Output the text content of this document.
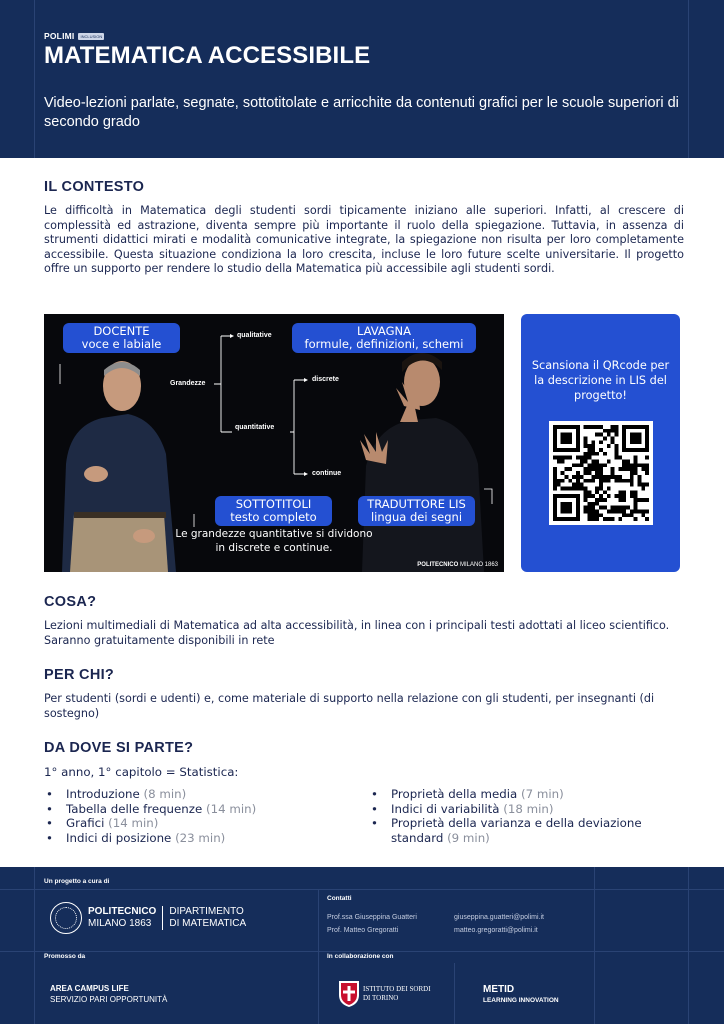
POLIMI	INCLUSION
MATEMATICA ACCESSIBILE
Video-lezioni parlate, segnate, sottotitolate e arricchite da contenuti grafici per le scuole superiori di secondo grado
IL CONTESTO
Le difficoltà in Matematica degli studenti sordi tipicamente iniziano alle superiori. Infatti, al crescere di complessità ed astrazione, diventa sempre più importante il ruolo della spiegazione. Tuttavia, in assenza di strumenti didattici mirati e modalità comunicative integrate, la spiegazione non risulta per loro completamente accessibile. Questa situazione condiziona la loro crescita, incluse le loro future scelte universitarie. Il progetto offre un supporto per rendere lo studio della Matematica più accessibile agli studenti sordi.
DOCENTE
voce e labiale
LAVAGNA
formule, definizioni, schemi
SOTTOTITOLI
testo completo
TRADUTTORE LIS
lingua dei segni
Grandezze
qualitative
quantitative
discrete
continue
Le grandezze quantitative si dividono
in discrete e continue.
POLITECNICO MILANO 1863
Scansiona il QRcode per la descrizione in LIS del progetto!
COSA?
Lezioni multimediali di Matematica ad alta accessibilità, in linea con i principali testi adottati al liceo scientifico. Saranno gratuitamente disponibili in rete
PER CHI?
Per studenti (sordi e udenti) e, come materiale di supporto nella relazione con gli studenti, per insegnanti (di sostegno)
DA DOVE SI PARTE?
1° anno, 1° capitolo = Statistica:
• Introduzione (8 min)
• Tabella delle frequenze (14 min)
• Grafici (14 min)
• Indici di posizione (23 min)
• Proprietà della media (7 min)
• Indici di variabilità (18 min)
• Proprietà della varianza e della deviazione standard (9 min)
Un progetto a cura di
POLITECNICO
MILANO 1863
DIPARTIMENTO
DI MATEMATICA
Contatti
Prof.ssa Giuseppina Guatteri	giuseppina.guatteri@polimi.it
Prof. Matteo Gregoratti	matteo.gregoratti@polimi.it
Promosso da
AREA CAMPUS LIFE
SERVIZIO PARI OPPORTUNITÀ
In collaborazione con
ISTITUTO DEI SORDI
DI TORINO
METID
LEARNING INNOVATION
